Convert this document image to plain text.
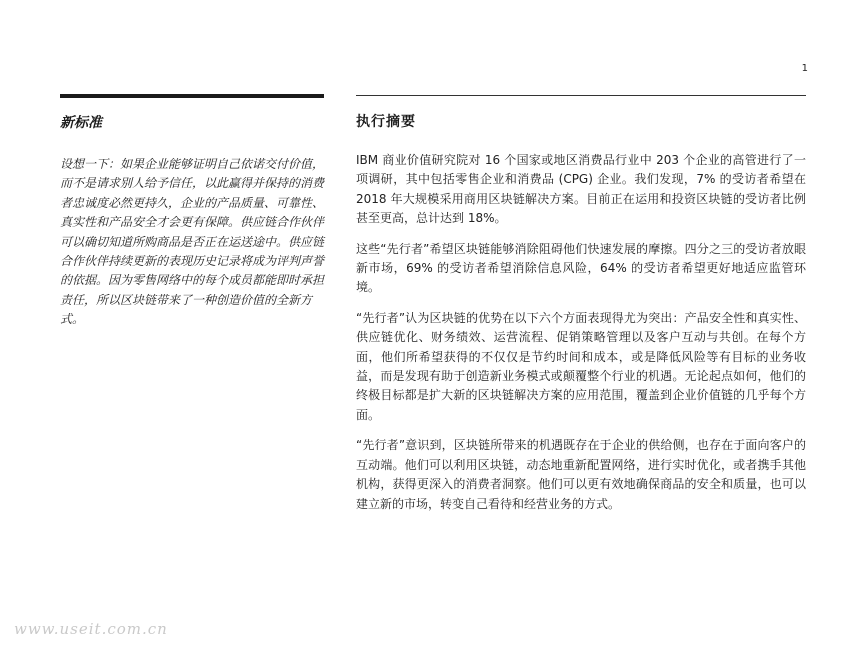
1
新标准
设想一下：如果企业能够证明自己依诺交付价值，而不是请求别人给予信任，以此赢得并保持的消费者忠诚度必然更持久，企业的产品质量、可靠性、真实性和产品安全才会更有保障。供应链合作伙伴可以确切知道所购商品是否正在运送途中。供应链合作伙伴持续更新的表现历史记录将成为评判声誉的依据。因为零售网络中的每个成员都能即时承担责任，所以区块链带来了一种创造价值的全新方式。
执行摘要

IBM 商业价值研究院对 16 个国家或地区消费品行业中 203 个企业的高管进行了一项调研，其中包括零售企业和消费品 (CPG) 企业。我们发现，7% 的受访者希望在 2018 年大规模采用商用区块链解决方案。目前正在运用和投资区块链的受访者比例甚至更高，总计达到 18%。

这些“先行者”希望区块链能够消除阻碍他们快速发展的摩擦。四分之三的受访者放眼新市场，69% 的受访者希望消除信息风险，64% 的受访者希望更好地适应监管环境。

“先行者”认为区块链的优势在以下六个方面表现得尤为突出：产品安全性和真实性、供应链优化、财务绩效、运营流程、促销策略管理以及客户互动与共创。在每个方面，他们所希望获得的不仅仅是节约时间和成本，或是降低风险等有目标的业务收益，而是发现有助于创造新业务模式或颠覆整个行业的机遇。无论起点如何，他们的终极目标都是扩大新的区块链解决方案的应用范围，覆盖到企业价值链的几乎每个方面。

“先行者”意识到，区块链所带来的机遇既存在于企业的供给侧，也存在于面向客户的互动端。他们可以利用区块链，动态地重新配置网络，进行实时优化，或者携手其他机构，获得更深入的消费者洞察。他们可以更有效地确保商品的安全和质量，也可以建立新的市场，转变自己看待和经营业务的方式。

www.useit.com.cn
